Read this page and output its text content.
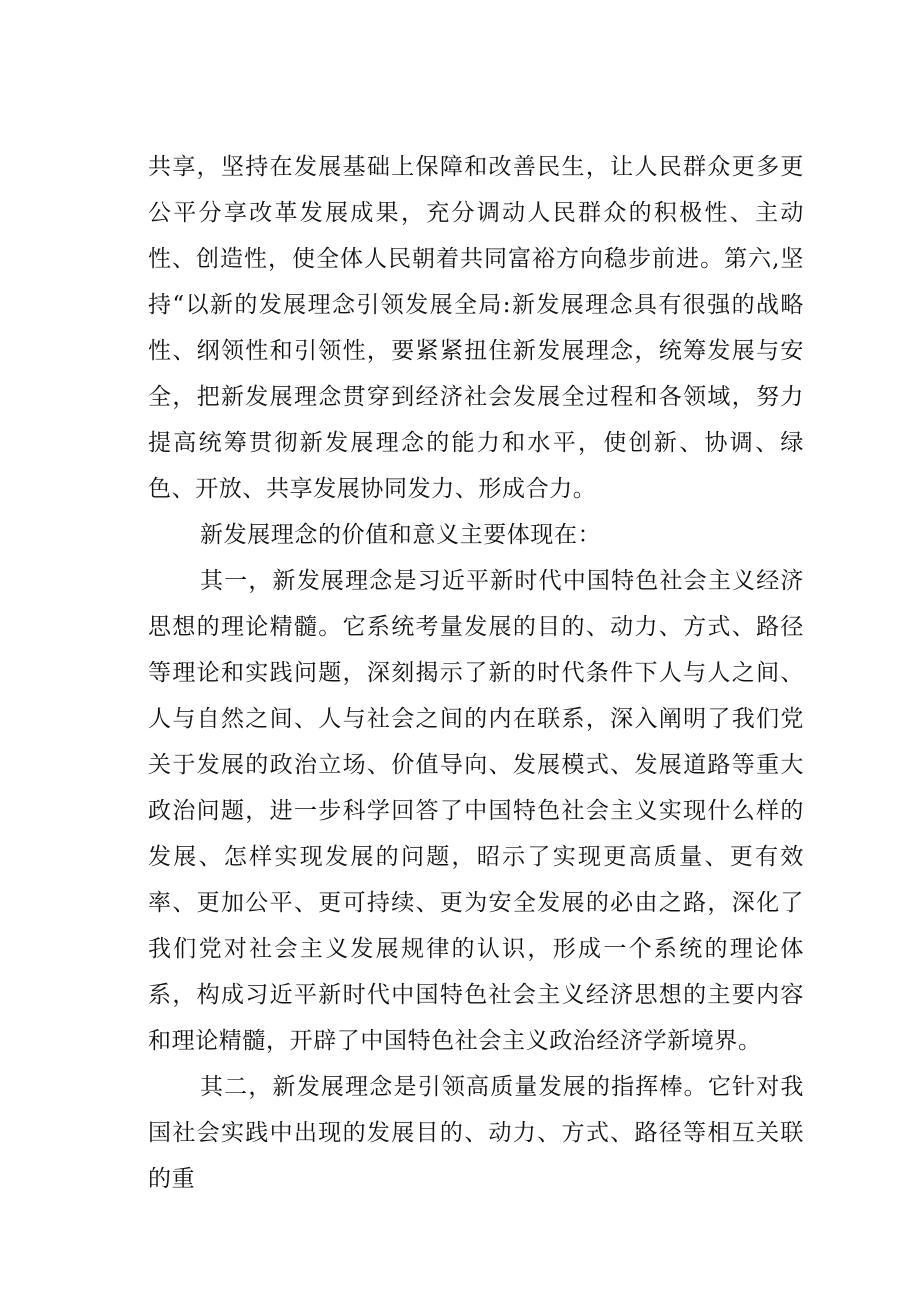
共享，坚持在发展基础上保障和改善民生，让人民群众更多更公平分享改革发展成果，充分调动人民群众的积极性、主动性、创造性，使全体人民朝着共同富裕方向稳步前进。第六,坚持“以新的发展理念引领发展全局:新发展理念具有很强的战略性、纲领性和引领性，要紧紧扭住新发展理念，统筹发展与安全，把新发展理念贯穿到经济社会发展全过程和各领域，努力提高统筹贯彻新发展理念的能力和水平，使创新、协调、绿色、开放、共享发展协同发力、形成合力。

新发展理念的价值和意义主要体现在：

其一，新发展理念是习近平新时代中国特色社会主义经济思想的理论精髓。它系统考量发展的目的、动力、方式、路径等理论和实践问题，深刻揭示了新的时代条件下人与人之间、人与自然之间、人与社会之间的内在联系，深入阐明了我们党关于发展的政治立场、价值导向、发展模式、发展道路等重大政治问题，进一步科学回答了中国特色社会主义实现什么样的发展、怎样实现发展的问题，昭示了实现更高质量、更有效率、更加公平、更可持续、更为安全发展的必由之路，深化了我们党对社会主义发展规律的认识，形成一个系统的理论体系，构成习近平新时代中国特色社会主义经济思想的主要内容和理论精髓，开辟了中国特色社会主义政治经济学新境界。

其二，新发展理念是引领高质量发展的指挥棒。它针对我国社会实践中出现的发展目的、动力、方式、路径等相互关联的重
